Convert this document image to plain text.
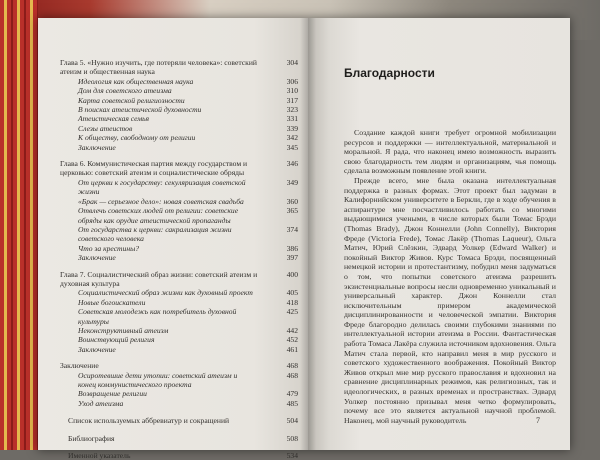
Глава 5. «Нужно изучить, где потеряли человека»: советский атеизм и общественная наука
304
Идеология как общественная наука	306
Дом для советского атеизма	310
Карта советской религиозности	317
В поисках атеистической духовности	323
Атеистическая семья	331
Слезы атеистов	339
К обществу, свободному от религии	342
Заключение	345
Глава 6. Коммунистическая партия между государством и церковью: советский атеизм и социалистические обряды
346
От церкви к государству: секуляризация советской жизни
349
«Брак — серьезное дело»: новая советская свадьба	360
Отвлечь советских людей от религии: советские обряды как орудие атеистической пропаганды
365
От государства к церкви: сакрализация жизни советского человека
374
Что за крестины?	386
Заключение	397
Глава 7. Социалистический образ жизни: советский атеизм и духовная культура
400
Социалистический образ жизни как духовный проект	405
Новые богоискатели	418
Советская молодежь как потребитель духовной культуры
425
Неконструктивный атеизм	442
Воинствующий религия	452
Заключение	461
Заключение	468
Осиротевшие дети утопии: советский атеизм и конец коммунистического проекта
468
Возвращение религии	479
Уход атеизма	485
Список используемых аббревиатур и сокращений	504
Библиография	508
Именной указатель	534
Благодарности

Создание каждой книги требует огромной мобилизации ресурсов и поддержки — интеллектуальной, материальной и моральной. Я рада, что наконец имею возможность выразить свою благодарность тем людям и организациям, чья помощь сделала возможным появление этой книги.

Прежде всего, мне была оказана интеллектуальная поддержка в разных формах. Этот проект был задуман в Калифорнийском университете в Беркли, где в ходе обучения в аспирантуре мне посчастливилось работать со многими выдающимися учеными, в числе которых были Томас Брэди (Thomas Brady), Джон Коннелли (John Connelly), Виктория Фреде (Victoria Frede), Томас Лакёр (Thomas Laqueur), Ольга Матич, Юрий Слёзкин, Эдвард Уолкер (Edward Walker) и покойный Виктор Живов. Курс Томаса Брэди, посвященный немецкой истории и протестантизму, побудил меня задуматься о том, что попытки советского атеизма разрешить экзистенциальные вопросы несли одновременно уникальный и универсальный характер. Джон Коннелли стал исключительным примером академической дисциплинированности и человеческой эмпатии. Виктория Фреде благородно делилась своими глубокими знаниями по интеллектуальной истории атеизма в России. Фантастическая работа Томаса Лакёра служила источником вдохновения. Ольга Матич стала первой, кто направил меня в мир русского и советского художественного воображения. Покойный Виктор Живов открыл мне мир русского православия и вдохновил на сравнение дисциплинарных режимов, как религиозных, так и идеологических, в разных временах и пространствах. Эдвард Уолкер постоянно призывал меня четко формулировать, почему все это является актуальной научной проблемой. Наконец, мой научный руководитель	7
